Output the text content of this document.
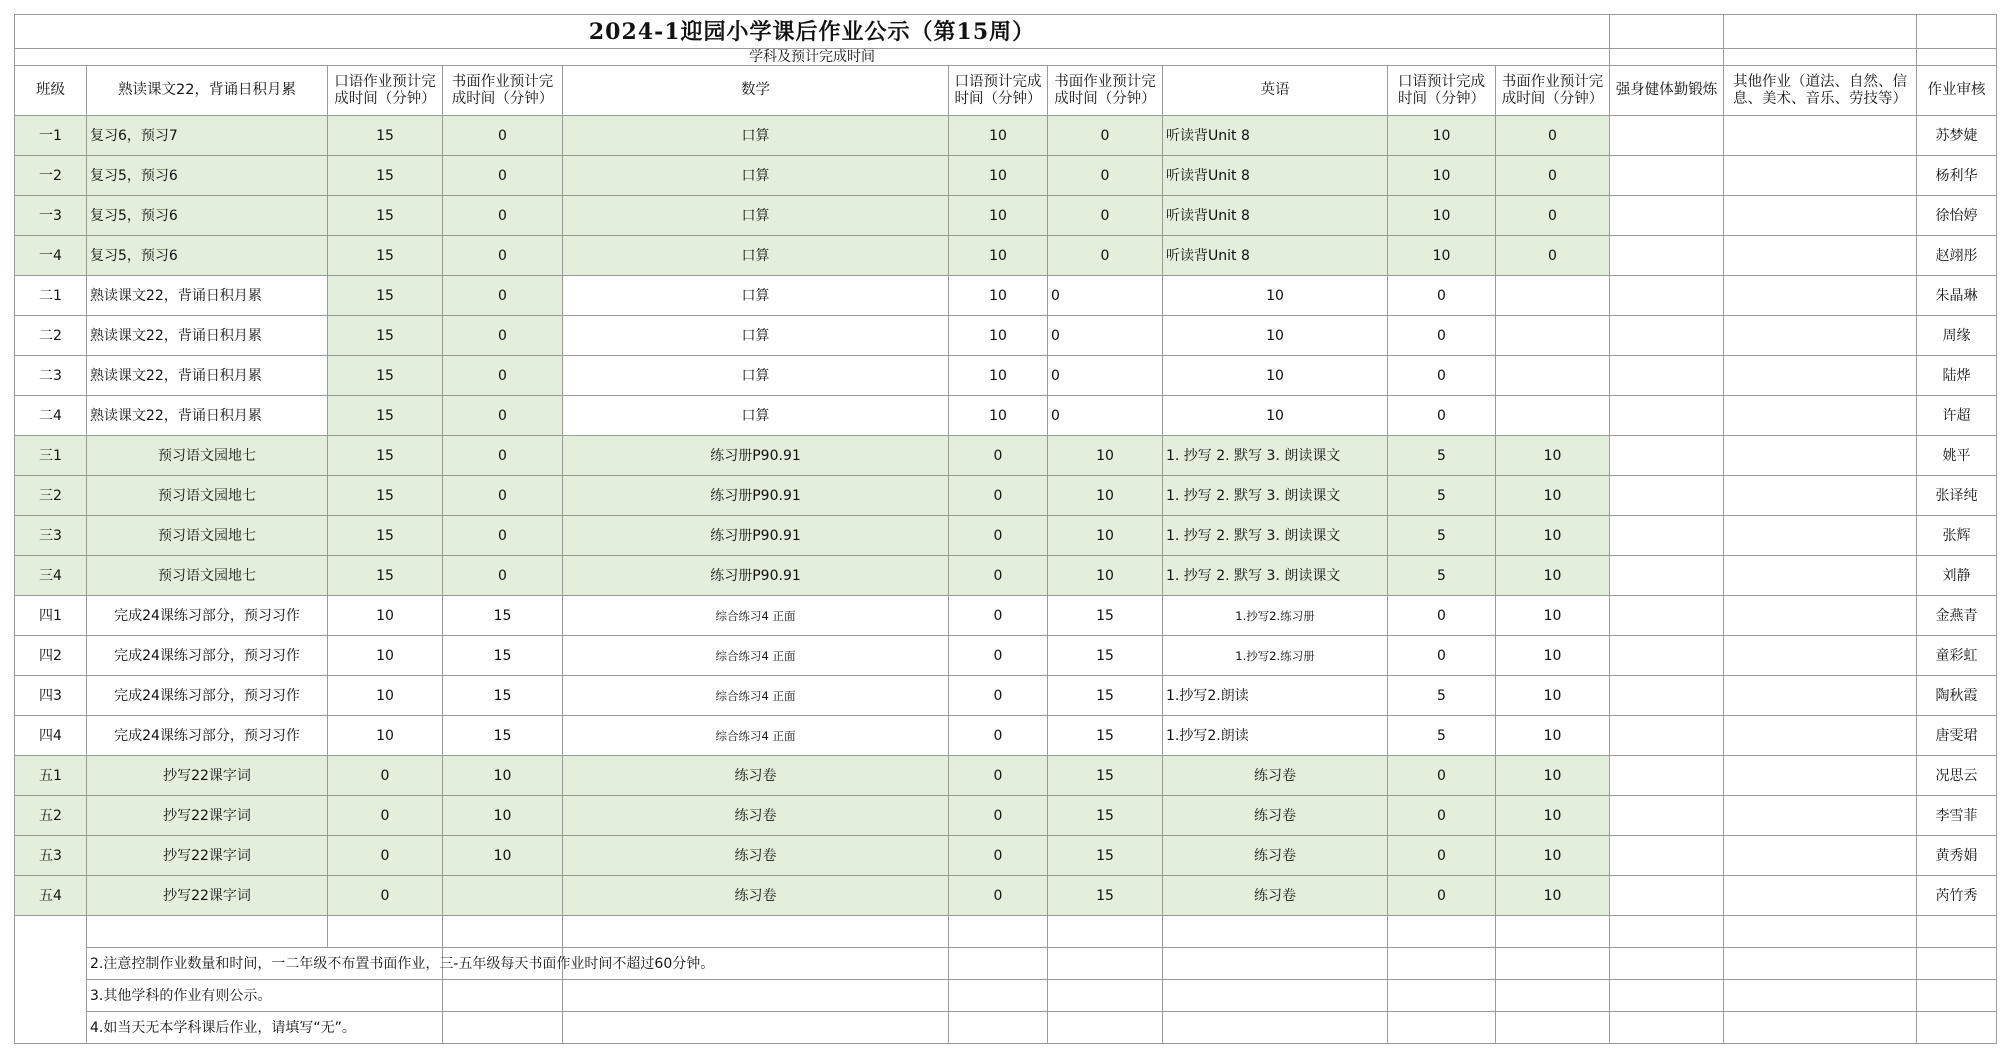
2024-1迎园小学课后作业公示（第15周）												
学科及预计完成时间												
班级	熟读课文22，背诵日积月累	口语作业预计完成时间（分钟）	书面作业预计完成时间（分钟）	数学	口语预计完成时间（分钟）	书面作业预计完成时间（分钟）	英语	口语预计完成时间（分钟）	书面作业预计完成时间（分钟）	强身健体勤锻炼	其他作业（道法、自然、信息、美术、音乐、劳技等）	作业审核
一1	复习6，预习7	15	0	口算	10	0	听读背Unit 8	10	0			苏梦婕
一2	复习5，预习6	15	0	口算	10	0	听读背Unit 8	10	0			杨利华
一3	复习5，预习6	15	0	口算	10	0	听读背Unit 8	10	0			徐怡婷
一4	复习5，预习6	15	0	口算	10	0	听读背Unit 8	10	0			赵翊彤
二1	熟读课文22，背诵日积月累	15	0	口算	10	0	10	0				朱晶琳
二2	熟读课文22，背诵日积月累	15	0	口算	10	0	10	0				周缘
二3	熟读课文22，背诵日积月累	15	0	口算	10	0	10	0				陆烨
二4	熟读课文22，背诵日积月累	15	0	口算	10	0	10	0				许超
三1	预习语文园地七	15	0	练习册P90.91	0	10	1. 抄写 2. 默写 3. 朗读课文	5	10			姚平
三2	预习语文园地七	15	0	练习册P90.91	0	10	1. 抄写 2. 默写 3. 朗读课文	5	10			张译纯
三3	预习语文园地七	15	0	练习册P90.91	0	10	1. 抄写 2. 默写 3. 朗读课文	5	10			张辉
三4	预习语文园地七	15	0	练习册P90.91	0	10	1. 抄写 2. 默写 3. 朗读课文	5	10			刘静
四1	完成24课练习部分，预习习作	10	15	综合练习4 正面	0	15	1.抄写2.练习册	0	10			金燕青
四2	完成24课练习部分，预习习作	10	15	综合练习4 正面	0	15	1.抄写2.练习册	0	10			童彩虹
四3	完成24课练习部分，预习习作	10	15	综合练习4 正面	0	15	1.抄写2.朗读	5	10			陶秋霞
四4	完成24课练习部分，预习习作	10	15	综合练习4 正面	0	15	1.抄写2.朗读	5	10			唐雯珺
五1	抄写22课字词	0	10	练习卷	0	15	练习卷	0	10			况思云
五2	抄写22课字词	0	10	练习卷	0	15	练习卷	0	10			李雪菲
五3	抄写22课字词	0	10	练习卷	0	15	练习卷	0	10			黄秀娟
五4	抄写22课字词	0		练习卷	0	15	练习卷	0	10			芮竹秀

	2.注意控制作业数量和时间，一二年级不布置书面作业，三-五年级每天书面作业时间不超过60分钟。											
	3.其他学科的作业有则公示。											
	4.如当天无本学科课后作业，请填写“无”。											
